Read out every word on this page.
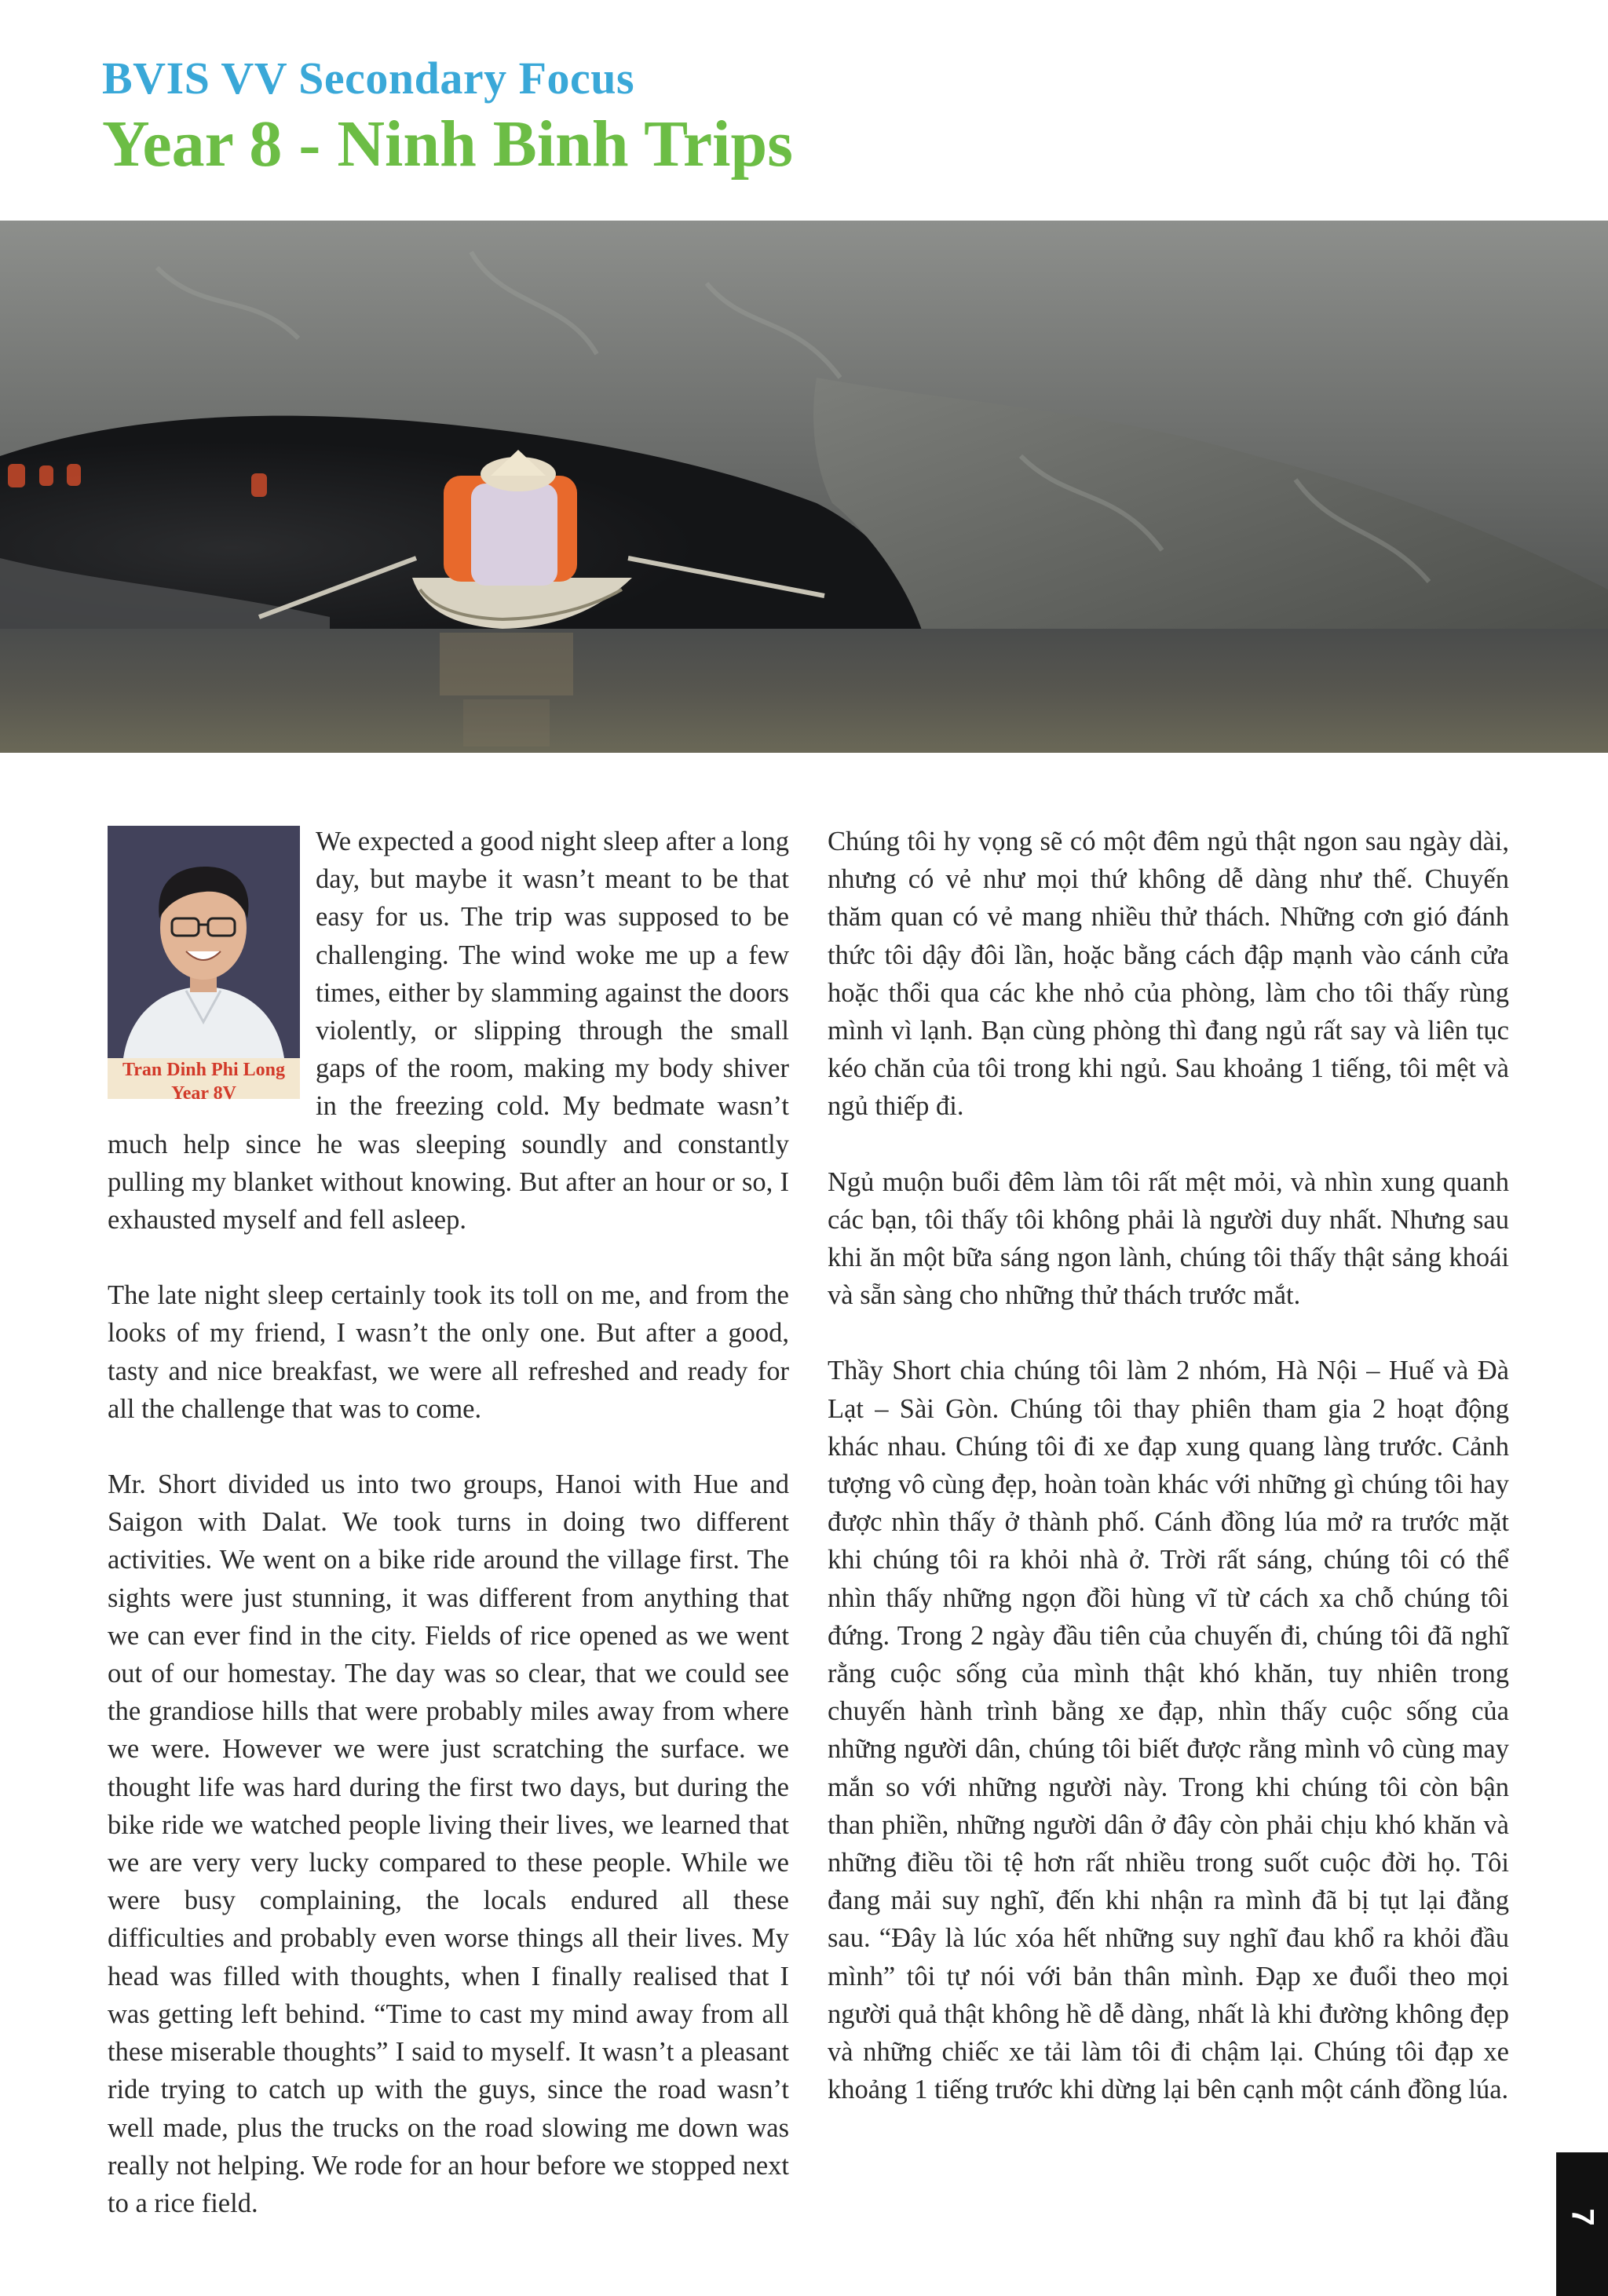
BVIS VV Secondary Focus
Year 8 - Ninh Binh Trips
Tran Dinh Phi Long
Year 8V

We expected a good night sleep after a long day, but maybe it wasn’t meant to be that easy for us. The trip was supposed to be challenging. The wind woke me up a few times, either by slamming against the doors violently, or slipping through the small gaps of the room, making my body shiver in the freezing cold. My bedmate wasn’t much help since he was sleeping soundly and constantly pulling my blanket without knowing. But after an hour or so, I exhausted myself and fell asleep.

The late night sleep certainly took its toll on me, and from the looks of my friend, I wasn’t the only one. But after a good, tasty and nice breakfast, we were all refreshed and ready for all the challenge that was to come.

Mr. Short divided us into two groups, Hanoi with Hue and Saigon with Dalat. We took turns in doing two different activities. We went on a bike ride around the village first. The sights were just stunning, it was different from anything that we can ever find in the city. Fields of rice opened as we went out of our homestay. The day was so clear, that we could see the grandiose hills that were probably miles away from where we were. However we were just scratching the surface. we thought life was hard during the first two days, but during the bike ride we watched people living their lives, we learned that we are very very lucky compared to these people. While we were busy complaining, the locals endured all these difficulties and probably even worse things all their lives. My head was filled with thoughts, when I finally realised that I was getting left behind. “Time to cast my mind away from all these miserable thoughts” I said to myself. It wasn’t a pleasant ride trying to catch up with the guys, since the road wasn’t well made, plus the trucks on the road slowing me down was really not helping. We rode for an hour before we stopped next to a rice field.

Chúng tôi hy vọng sẽ có một đêm ngủ thật ngon sau ngày dài, nhưng có vẻ như mọi thứ không dễ dàng như thế. Chuyến thăm quan có vẻ mang nhiều thử thách. Những cơn gió đánh thức tôi dậy đôi lần, hoặc bằng cách đập mạnh vào cánh cửa hoặc thổi qua các khe nhỏ của phòng, làm cho tôi thấy rùng mình vì lạnh. Bạn cùng phòng thì đang ngủ rất say và liên tục kéo chăn của tôi trong khi ngủ. Sau khoảng 1 tiếng, tôi mệt và ngủ thiếp đi.

Ngủ muộn buổi đêm làm tôi rất mệt mỏi, và nhìn xung quanh các bạn, tôi thấy tôi không phải là người duy nhất. Nhưng sau khi ăn một bữa sáng ngon lành, chúng tôi thấy thật sảng khoái và sẵn sàng cho những thử thách trước mắt.

Thầy Short chia chúng tôi làm 2 nhóm, Hà Nội – Huế và Đà Lạt – Sài Gòn. Chúng tôi thay phiên tham gia 2 hoạt động khác nhau. Chúng tôi đi xe đạp xung quang làng trước. Cảnh tượng vô cùng đẹp, hoàn toàn khác với những gì chúng tôi hay được nhìn thấy ở thành phố. Cánh đồng lúa mở ra trước mặt khi chúng tôi ra khỏi nhà ở. Trời rất sáng, chúng tôi có thể nhìn thấy những ngọn đồi hùng vĩ từ cách xa chỗ chúng tôi đứng. Trong 2 ngày đầu tiên của chuyến đi, chúng tôi đã nghĩ rằng cuộc sống của mình thật khó khăn, tuy nhiên trong chuyến hành trình bằng xe đạp, nhìn thấy cuộc sống của những người dân, chúng tôi biết được rằng mình vô cùng may mắn so với những người này. Trong khi chúng tôi còn bận than phiền, những người dân ở đây còn phải chịu khó khăn và những điều tồi tệ hơn rất nhiều trong suốt cuộc đời họ. Tôi đang mải suy nghĩ, đến khi nhận ra mình đã bị tụt lại đằng sau. “Đây là lúc xóa hết những suy nghĩ đau khổ ra khỏi đầu mình” tôi tự nói với bản thân mình. Đạp xe đuổi theo mọi người quả thật không hề dễ dàng, nhất là khi đường không đẹp và những chiếc xe tải làm tôi đi chậm lại. Chúng tôi đạp xe khoảng 1 tiếng trước khi dừng lại bên cạnh một cánh đồng lúa.

7
